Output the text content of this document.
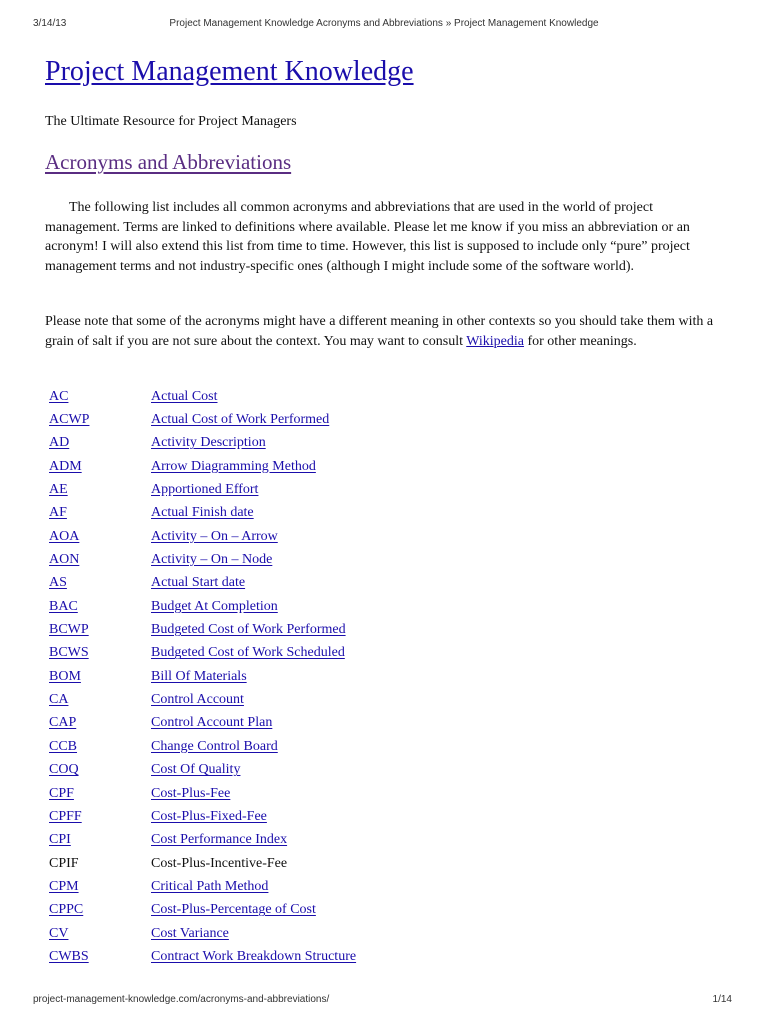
3/14/13	Project Management Knowledge Acronyms and Abbreviations » Project Management Knowledge
Project Management Knowledge

The Ultimate Resource for Project Managers

Acronyms and Abbreviations

The following list includes all common acronyms and abbreviations that are used in the world of project management. Terms are linked to definitions where available. Please let me know if you miss an abbreviation or an acronym! I will also extend this list from time to time. However, this list is supposed to include only “pure” project management terms and not industry-specific ones (although I might include some of the software world).

Please note that some of the acronyms might have a different meaning in other contexts so you should take them with a grain of salt if you are not sure about the context. You may want to consult Wikipedia for other meanings.

AC	Actual Cost
ACWP	Actual Cost of Work Performed
AD	Activity Description
ADM	Arrow Diagramming Method
AE	Apportioned Effort
AF	Actual Finish date
AOA	Activity – On – Arrow
AON	Activity – On – Node
AS	Actual Start date
BAC	Budget At Completion
BCWP	Budgeted Cost of Work Performed
BCWS	Budgeted Cost of Work Scheduled
BOM	Bill Of Materials
CA	Control Account
CAP	Control Account Plan
CCB	Change Control Board
COQ	Cost Of Quality
CPF	Cost-Plus-Fee
CPFF	Cost-Plus-Fixed-Fee
CPI	Cost Performance Index
CPIF	Cost-Plus-Incentive-Fee
CPM	Critical Path Method
CPPC	Cost-Plus-Percentage of Cost
CV	Cost Variance
CWBS	Contract Work Breakdown Structure
project-management-knowledge.com/acronyms-and-abbreviations/	1/14
